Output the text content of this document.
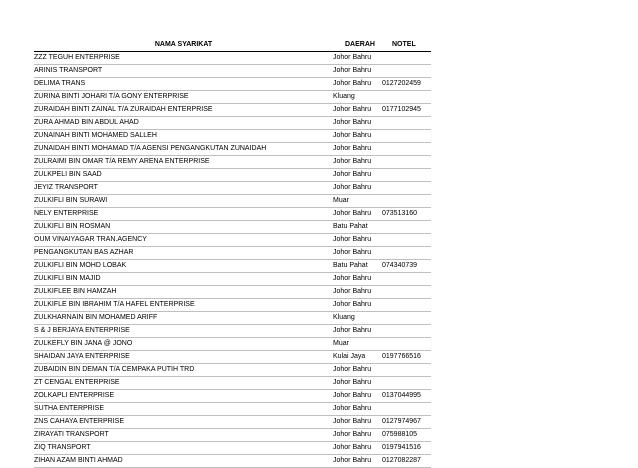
NAMA SYARIKAT	DAERAH	NOTEL
ZZZ TEGUH ENTERPRISE	Johor Bahru	
ARINIS TRANSPORT	Johor Bahru	
DELIMA TRANS	Johor Bahru	0127202459
ZURINA BINTI JOHARI T/A GONY ENTERPRISE	Kluang	
ZURAIDAH BINTI ZAINAL T/A ZURAIDAH ENTERPRISE	Johor Bahru	0177102945
ZURA AHMAD BIN ABDUL AHAD	Johor Bahru	
ZUNAINAH BINTI MOHAMED SALLEH	Johor Bahru	
ZUNAIDAH BINTI MOHAMAD T/A AGENSI PENGANGKUTAN ZUNAIDAH	Johor Bahru	
ZULRAIMI BIN OMAR T/A REMY ARENA ENTERPRISE	Johor Bahru	
ZULKPELI BIN SAAD	Johor Bahru	
JEYIZ TRANSPORT	Johor Bahru	
ZULKIFLI BIN SURAWI	Muar	
NELY ENTERPRISE	Johor Bahru	073513160
ZULKIFLI BIN ROSMAN	Batu Pahat	
OUM VINAIYAGAR TRAN.AGENCY	Johor Bahru	
PENGANGKUTAN BAS AZHAR	Johor Bahru	
ZULKIFLI BIN MOHD LOBAK	Batu Pahat	074340739
ZULKIFLI BIN MAJID	Johor Bahru	
ZULKIFLEE BIN HAMZAH	Johor Bahru	
ZULKIFLE BIN IBRAHIM T/A HAFEL ENTERPRISE	Johor Bahru	
ZULKHARNAIN BIN MOHAMED ARIFF	Kluang	
S & J BERJAYA ENTERPRISE	Johor Bahru	
ZULKEFLY BIN JANA @ JONO	Muar	
SHAIDAN JAYA ENTERPRISE	Kulai Jaya	0197766516
ZUBAIDIN BIN DEMAN T/A CEMPAKA PUTIH TRD	Johor Bahru	
ZT CENGAL ENTERPRISE	Johor Bahru	
ZOLKAPLI ENTERPRISE	Johor Bahru	0137044995
SUTHA ENTERPRISE	Johor Bahru	
ZNS CAHAYA ENTERPRISE	Johor Bahru	0127974967
ZIRAYATI TRANSPORT	Johor Bahru	075988105
ZIQ TRANSPORT	Johor Bahru	0197941516
ZIHAN AZAM BINTI AHMAD	Johor Bahru	0127082287
